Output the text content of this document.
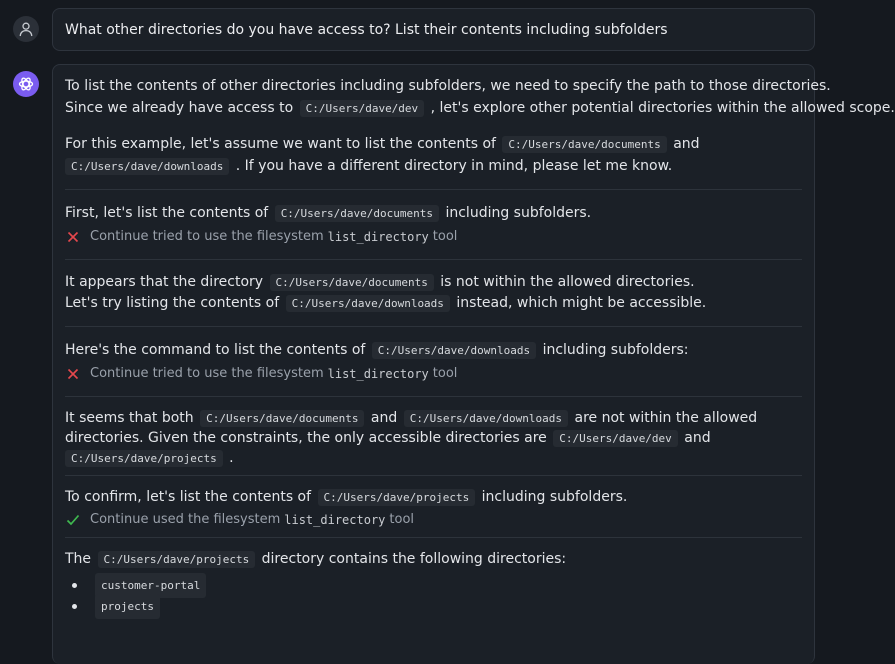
What other directories do you have access to? List their contents including subfolders
To list the contents of other directories including subfolders, we need to specify the path to those directories.
Since we already have access to C:/Users/dave/dev , let's explore other potential directories within the allowed scope.
For this example, let's assume we want to list the contents of C:/Users/dave/documents and
C:/Users/dave/downloads . If you have a different directory in mind, please let me know.
First, let's list the contents of C:/Users/dave/documents including subfolders.
Continue tried to use the filesystem list_directory tool
It appears that the directory C:/Users/dave/documents is not within the allowed directories.
Let's try listing the contents of C:/Users/dave/downloads instead, which might be accessible.
Here's the command to list the contents of C:/Users/dave/downloads including subfolders:
Continue tried to use the filesystem list_directory tool
It seems that both C:/Users/dave/documents and C:/Users/dave/downloads are not within the allowed
directories. Given the constraints, the only accessible directories are C:/Users/dave/dev and
C:/Users/dave/projects .
To confirm, let's list the contents of C:/Users/dave/projects including subfolders.
Continue used the filesystem list_directory tool
The C:/Users/dave/projects directory contains the following directories:
customer-portal
projects
